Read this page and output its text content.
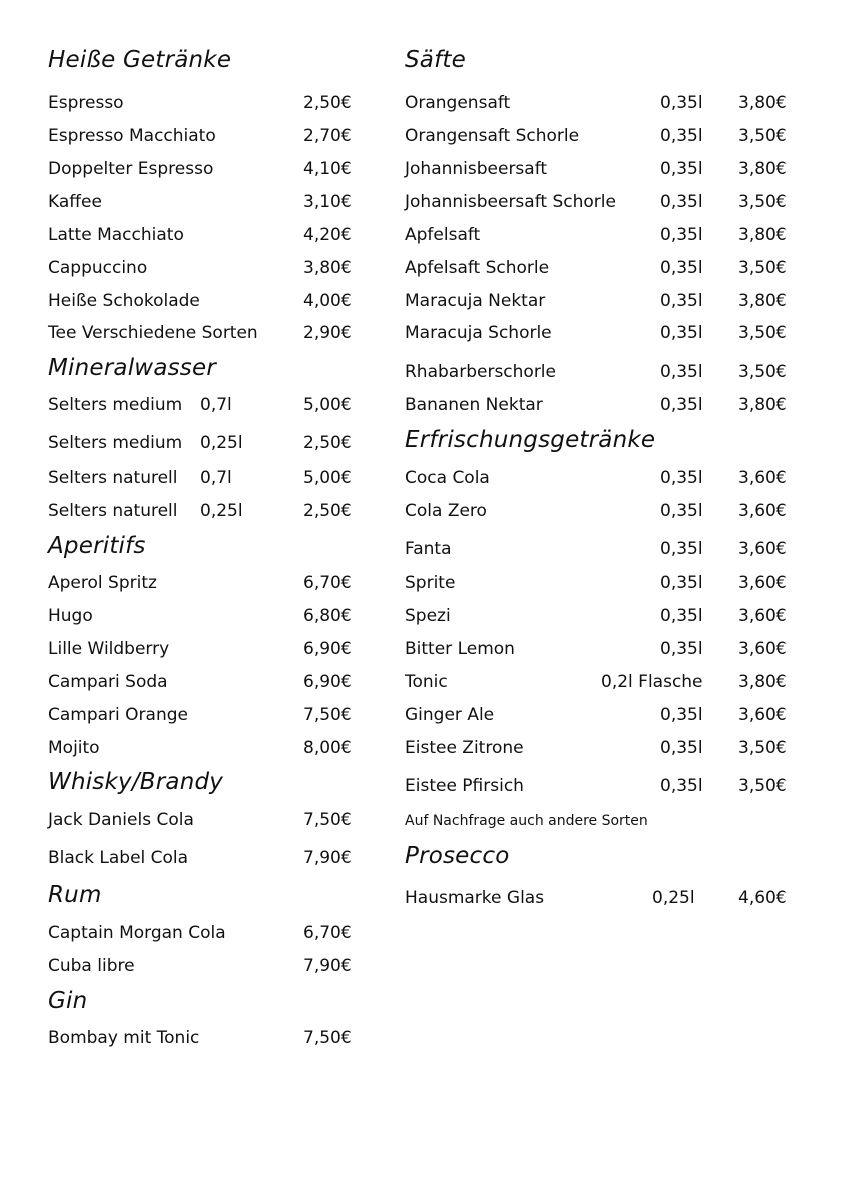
Heiße Getränke
Espresso	2,50€
Espresso Macchiato	2,70€
Doppelter Espresso	4,10€
Kaffee	3,10€
Latte Macchiato	4,20€
Cappuccino	3,80€
Heiße Schokolade	4,00€
Tee Verschiedene Sorten	2,90€
Mineralwasser
Selters medium 0,7l	5,00€
Selters medium 0,25l	2,50€
Selters naturell 0,7l	5,00€
Selters naturell 0,25l	2,50€
Aperitifs
Aperol Spritz	6,70€
Hugo	6,80€
Lille Wildberry	6,90€
Campari Soda	6,90€
Campari Orange	7,50€
Mojito	8,00€
Whisky/Brandy
Jack Daniels Cola	7,50€
Black Label Cola	7,90€
Rum
Captain Morgan Cola	6,70€
Cuba libre	7,90€
Gin
Bombay mit Tonic	7,50€
Säfte
Orangensaft	0,35l 3,80€
Orangensaft Schorle	0,35l 3,50€
Johannisbeersaft	0,35l 3,80€
Johannisbeersaft Schorle	0,35l 3,50€
Apfelsaft	0,35l 3,80€
Apfelsaft Schorle	0,35l 3,50€
Maracuja Nektar	0,35l 3,80€
Maracuja Schorle	0,35l 3,50€
Rhabarberschorle	0,35l 3,50€
Bananen Nektar	0,35l 3,80€
Erfrischungsgetränke
Coca Cola	0,35l 3,60€
Cola Zero	0,35l 3,60€
Fanta	0,35l 3,60€
Sprite	0,35l 3,60€
Spezi	0,35l 3,60€
Bitter Lemon	0,35l 3,60€
Tonic	0,2l Flasche 3,80€
Ginger Ale	0,35l 3,60€
Eistee Zitrone	0,35l 3,50€
Eistee Pfirsich	0,35l 3,50€
Auf Nachfrage auch andere Sorten
Prosecco
Hausmarke Glas	0,25l	4,60€
